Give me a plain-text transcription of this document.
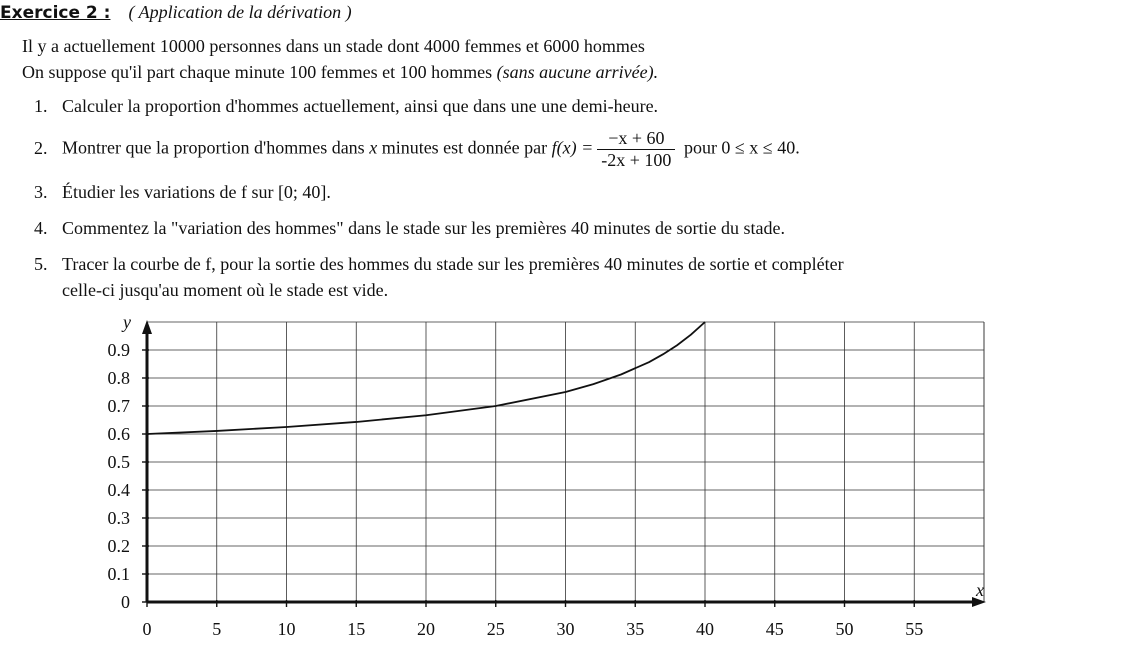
Exercice 2 : ( Application de la dérivation )
Il y a actuellement 10000 personnes dans un stade dont 4000 femmes et 6000 hommes
On suppose qu'il part chaque minute 100 femmes et 100 hommes (sans aucune arrivée).
1. Calculer la proportion d'hommes actuellement, ainsi que dans une une demi-heure.
2. Montrer que la proportion d'hommes dans x minutes est donnée par $f(x) = \frac{-x + 60}{-2x + 100}$ pour 0 ≤ x ≤ 40.
3. Étudier les variations de f sur [0; 40].
4. Commentez la "variation des hommes" dans le stade sur les premières 40 minutes de sortie du stade.
5. Tracer la courbe de f, pour la sortie des hommes du stade sur les premières 40 minutes de sortie et compléter
celle-ci jusqu'au moment où le stade est vide.
x
y
0	5	10	15	20	25	30	35	40	45	50	55
0
0.1
0.2
0.3
0.4
0.5
0.6
0.7
0.8
0.9
